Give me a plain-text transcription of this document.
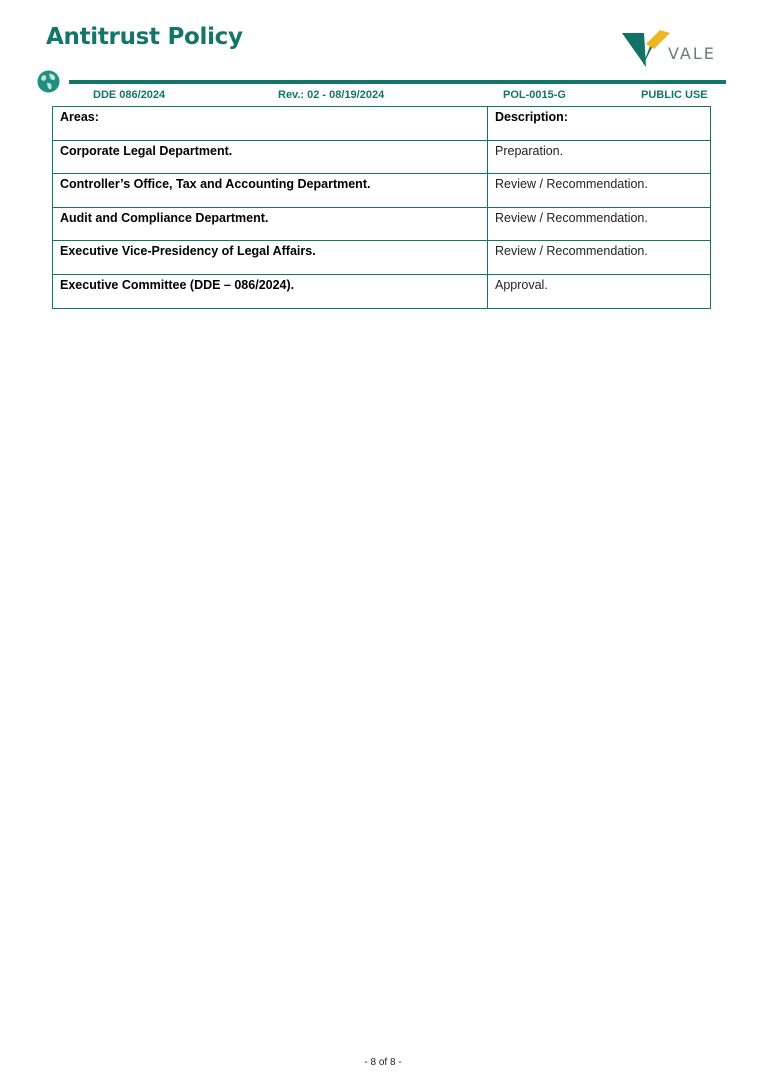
Antitrust Policy
VALE
DDE 086/2024	Rev.: 02 - 08/19/2024	POL-0015-G	PUBLIC USE
Areas:	Description:
Corporate Legal Department.	Preparation.
Controller’s Office, Tax and Accounting Department.	Review / Recommendation.
Audit and Compliance Department.	Review / Recommendation.
Executive Vice-Presidency of Legal Affairs.	Review / Recommendation.
Executive Committee (DDE – 086/2024).	Approval.
- 8 of 8 -
